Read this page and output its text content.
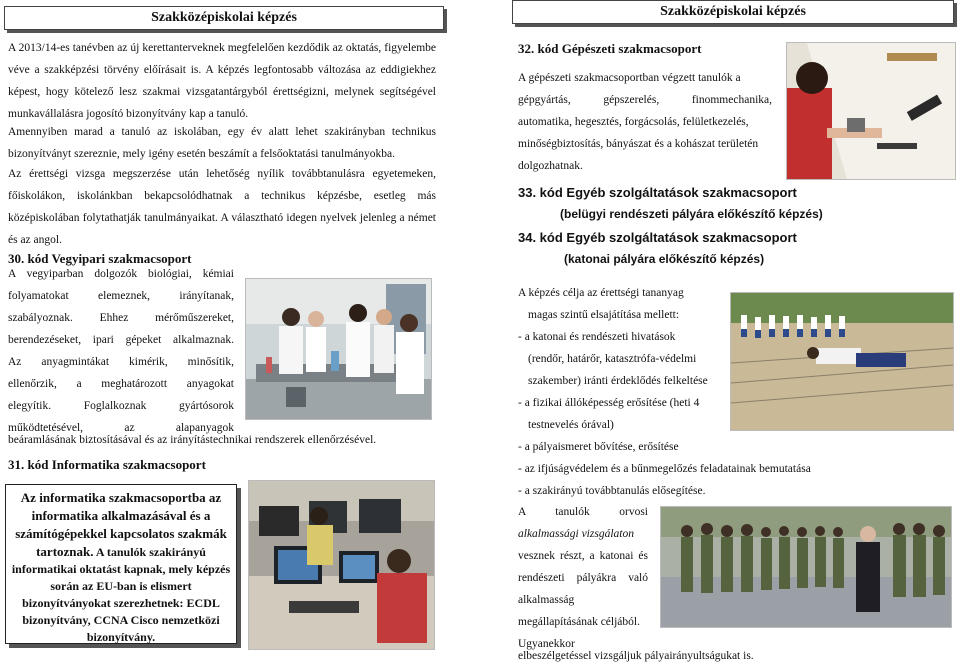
Szakközépiskolai képzés
A 2013/14-es tanévben az új kerettanterveknek megfelelően kezdődik az oktatás, figyelembe véve a szakképzési törvény előírásait is. A képzés legfontosabb változása az eddigiekhez képest, hogy kötelező lesz szakmai vizsgatantárgyból érettségizni, melynek segítségével munkavállalásra jogosító bizonyítvány kap a tanuló.
Amennyiben marad a tanuló az iskolában, egy év alatt lehet szakirányban technikus bizonyítványt szereznie, mely igény esetén beszámít a felsőoktatási tanulmányokba.
Az érettségi vizsga megszerzése után lehetőség nyílik továbbtanulásra egyetemeken, főiskolákon, iskolánkban bekapcsolódhatnak a technikus képzésbe, esetleg más középiskolában folytathatják tanulmányaikat. A választható idegen nyelvek jelenleg a német és az angol.
30. kód Vegyipari szakmacsoport
A vegyiparban dolgozók biológiai, kémiai
folyamatokat elemeznek, irányítanak,
szabályoznak. Ehhez mérőműszereket,
berendezéseket, ipari gépeket alkalmaznak.
Az anyagmintákat kimérik, minősítik,
ellenőrzik, a meghatározott anyagokat
elegyítik. Foglalkoznak gyártósorok
működtetésével, az alapanyagok
beáramlásának biztosításával és az irányítástechnikai rendszerek ellenőrzésével.
31. kód Informatika szakmacsoport
Az informatika szakmacsoportba az informatika alkalmazásával és a számítógépekkel kapcsolatos szakmák tartoznak. A tanulók szakirányú informatikai oktatást kapnak, mely képzés során az EU-ban is elismert bizonyítványokat szerezhetnek: ECDL bizonyítvány, CCNA Cisco nemzetközi bizonyítvány.
Szakközépiskolai képzés
32. kód Gépészeti szakmacsoport
A gépészeti szakmacsoportban végzett tanulók a
gépgyártás, gépszerelés, finommechanika,
automatika, hegesztés, forgácsolás, felületkezelés,
minőségbiztosítás, bányászat és a kohászat területén
dolgozhatnak.
33. kód Egyéb szolgáltatások szakmacsoport
(belügyi rendészeti pályára előkészítő képzés)
34. kód Egyéb szolgáltatások szakmacsoport
(katonai pályára előkészítő képzés)
A képzés célja az érettségi tananyag
magas szintű elsajátítása mellett:
- a katonai és rendészeti hivatások
(rendőr, határőr, katasztrófa-védelmi
szakember) iránti érdeklődés felkeltése
- a fizikai állóképesség erősítése (heti 4
testnevelés órával)
- a pályaismeret bővítése, erősítése
- az ifjúságvédelem és a bűnmegelőzés feladatainak bemutatása
- a szakirányú továbbtanulás elősegítése.
A tanulók orvosi
alkalmassági vizsgálaton
vesznek részt, a katonai és
rendészeti pályákra való
alkalmasság
megállapításának céljából.
Ugyanekkor
elbeszélgetéssel vizsgáljuk pályairányultságukat is.
